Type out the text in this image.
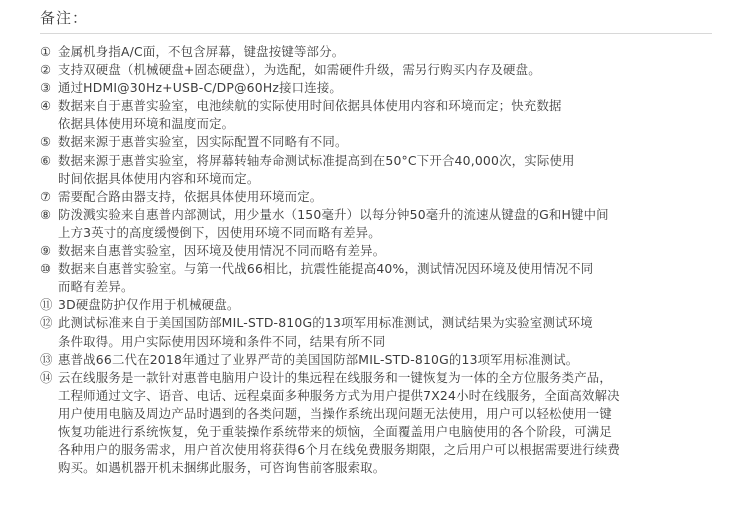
备注：
① 金属机身指A/C面，不包含屏幕，键盘按键等部分。
② 支持双硬盘（机械硬盘+固态硬盘），为选配，如需硬件升级，需另行购买内存及硬盘。
③ 通过HDMI@30Hz+USB-C/DP@60Hz接口连接。
④ 数据来自于惠普实验室，电池续航的实际使用时间依据具体使用内容和环境而定；快充数据
依据具体使用环境和温度而定。
⑤ 数据来源于惠普实验室，因实际配置不同略有不同。
⑥ 数据来源于惠普实验室，将屏幕转轴寿命测试标准提高到在50°C下开合40,000次，实际使用
时间依据具体使用内容和环境而定。
⑦ 需要配合路由器支持，依据具体使用环境而定。
⑧ 防泼溅实验来自惠普内部测试，用少量水（150毫升）以每分钟50毫升的流速从键盘的G和H键中间
上方3英寸的高度缓慢倒下，因使用环境不同而略有差异。
⑨ 数据来自惠普实验室，因环境及使用情况不同而略有差异。
⑩ 数据来自惠普实验室。与第一代战66相比，抗震性能提高40%，测试情况因环境及使用情况不同
而略有差异。
⑪ 3D硬盘防护仅作用于机械硬盘。
⑫ 此测试标准来自于美国国防部MIL-STD-810G的13项军用标准测试，测试结果为实验室测试环境
条件取得。用户实际使用因环境和条件不同，结果有所不同
⑬ 惠普战66二代在2018年通过了业界严苛的美国国防部MIL-STD-810G的13项军用标准测试。
⑭ 云在线服务是一款针对惠普电脑用户设计的集远程在线服务和一键恢复为一体的全方位服务类产品，
工程师通过文字、语音、电话、远程桌面多种服务方式为用户提供7X24小时在线服务，全面高效解决
用户使用电脑及周边产品时遇到的各类问题，当操作系统出现问题无法使用，用户可以轻松使用一键
恢复功能进行系统恢复，免于重装操作系统带来的烦恼，全面覆盖用户电脑使用的各个阶段，可满足
各种用户的服务需求，用户首次使用将获得6个月在线免费服务期限，之后用户可以根据需要进行续费
购买。如遇机器开机未捆绑此服务，可咨询售前客服索取。
